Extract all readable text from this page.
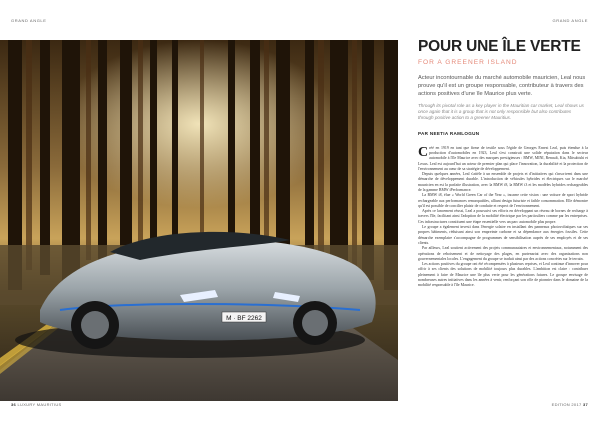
GRAND ANGLE	GRAND ANGLE
M · BF 2262
POUR UNE ÎLE VERTE
FOR A GREENER ISLAND
Acteur incontournable du marché automobile mauricien, Leal nous prouve qu'il est un groupe responsable, contributeur à travers des actions positives d'une île Maurice plus verte.
Through its pivotal role as a key player in the Mauritian car market, Leal shows us once again that it is a group that is not only responsible but also contributes through positive action to a greener Mauritius.
PAR NEETIA RAMLOGUN

Créé en 1919 en tant que firme de textile sous l'égide de Georges Ernest Leal, puis étendue à la production d'automobiles en 1923, Leal s'est construit une solide réputation dans le secteur automobile à l'île Maurice avec des marques prestigieuses : BMW, MINI, Renault, Kia, Mitsubishi et Lexus. Leal est aujourd'hui un acteur de premier plan qui place l'innovation, la durabilité et la protection de l'environnement au cœur de sa stratégie de développement.

Depuis quelques années, Leal s'attèle à un ensemble de projets et d'initiatives qui s'inscrivent dans une démarche de développement durable. L'introduction de véhicules hybrides et électriques sur le marché mauricien en est la parfaite illustration, avec la BMW i8, la BMW i3 et les modèles hybrides rechargeables de la gamme BMW iPerformance.

La BMW i8, élue « World Green Car of the Year », incarne cette vision : une voiture de sport hybride rechargeable aux performances remarquables, alliant design futuriste et faible consommation. Elle démontre qu'il est possible de concilier plaisir de conduite et respect de l'environnement.

Après ce lancement réussi, Leal a poursuivi ses efforts en développant un réseau de bornes de recharge à travers l'île, facilitant ainsi l'adoption de la mobilité électrique par les particuliers comme par les entreprises. Ces infrastructures constituent une étape essentielle vers un parc automobile plus propre.

Le groupe a également investi dans l'énergie solaire en installant des panneaux photovoltaïques sur ses propres bâtiments, réduisant ainsi son empreinte carbone et sa dépendance aux énergies fossiles. Cette démarche exemplaire s'accompagne de programmes de sensibilisation auprès de ses employés et de ses clients.

Par ailleurs, Leal soutient activement des projets communautaires et environnementaux, notamment des opérations de reboisement et de nettoyage des plages, en partenariat avec des organisations non gouvernementales locales. L'engagement du groupe se traduit ainsi par des actions concrètes sur le terrain.

Les actions positives du groupe ont été récompensées à plusieurs reprises, et Leal continue d'innover pour offrir à ses clients des solutions de mobilité toujours plus durables. L'ambition est claire : contribuer pleinement à faire de Maurice une île plus verte pour les générations futures. Le groupe envisage de nombreuses autres initiatives dans les années à venir, renforçant son rôle de pionnier dans le domaine de la mobilité responsable à l'île Maurice.

36 LUXURY MAURITIUS	EDITION 2017 37
